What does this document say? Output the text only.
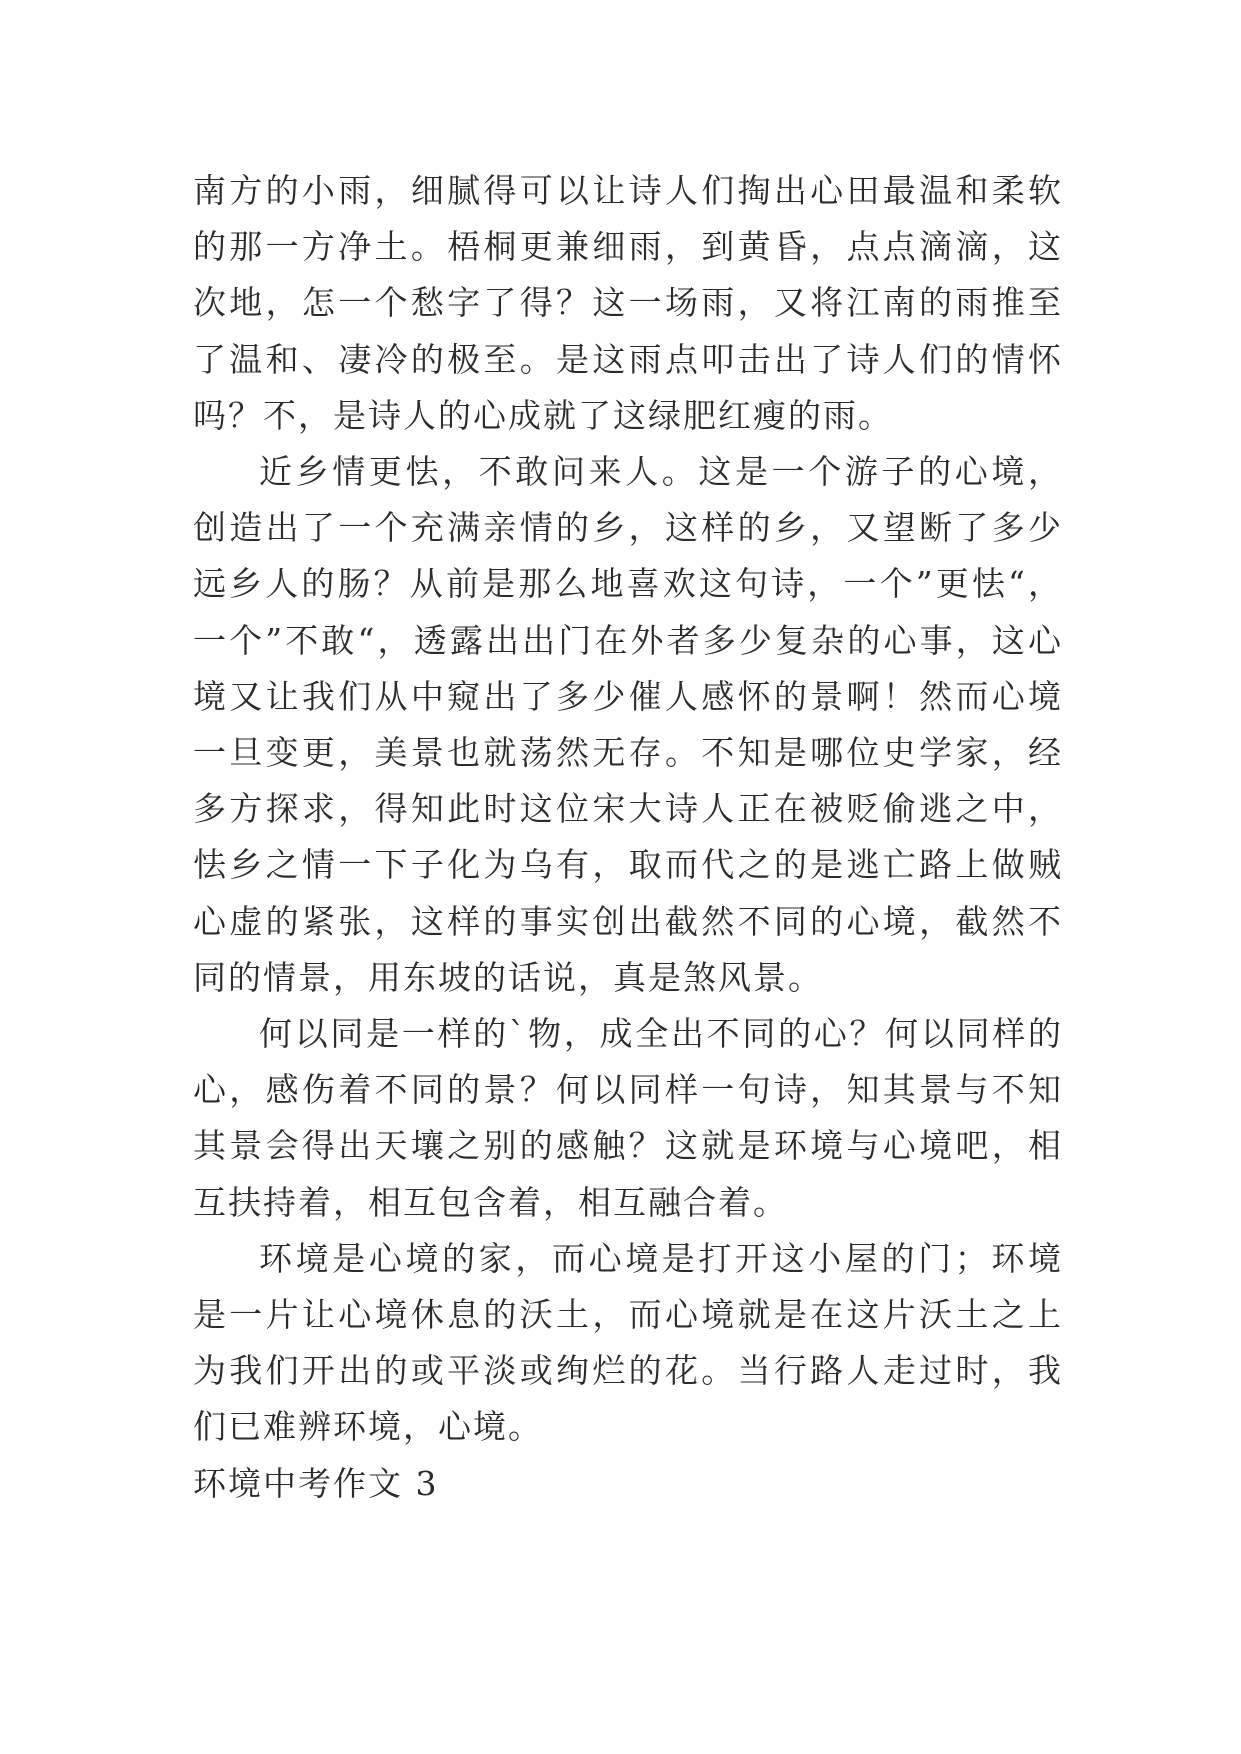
南方的小雨，细腻得可以让诗人们掏出心田最温和柔软的那一方净土。梧桐更兼细雨，到黄昏，点点滴滴，这次地，怎一个愁字了得？这一场雨，又将江南的雨推至了温和、凄冷的极至。是这雨点叩击出了诗人们的情怀吗？不，是诗人的心成就了这绿肥红瘦的雨。

近乡情更怯，不敢问来人。这是一个游子的心境，创造出了一个充满亲情的乡，这样的乡，又望断了多少远乡人的肠？从前是那么地喜欢这句诗，一个”更怯“，一个”不敢“，透露出出门在外者多少复杂的心事，这心境又让我们从中窥出了多少催人感怀的景啊！然而心境一旦变更，美景也就荡然无存。不知是哪位史学家，经多方探求，得知此时这位宋大诗人正在被贬偷逃之中，怯乡之情一下子化为乌有，取而代之的是逃亡路上做贼心虚的紧张，这样的事实创出截然不同的心境，截然不同的情景，用东坡的话说，真是煞风景。

何以同是一样的`物，成全出不同的心？何以同样的心，感伤着不同的景？何以同样一句诗，知其景与不知其景会得出天壤之别的感触？这就是环境与心境吧，相互扶持着，相互包含着，相互融合着。

环境是心境的家，而心境是打开这小屋的门；环境是一片让心境休息的沃土，而心境就是在这片沃土之上为我们开出的或平淡或绚烂的花。当行路人走过时，我们已难辨环境，心境。

环境中考作文 3
